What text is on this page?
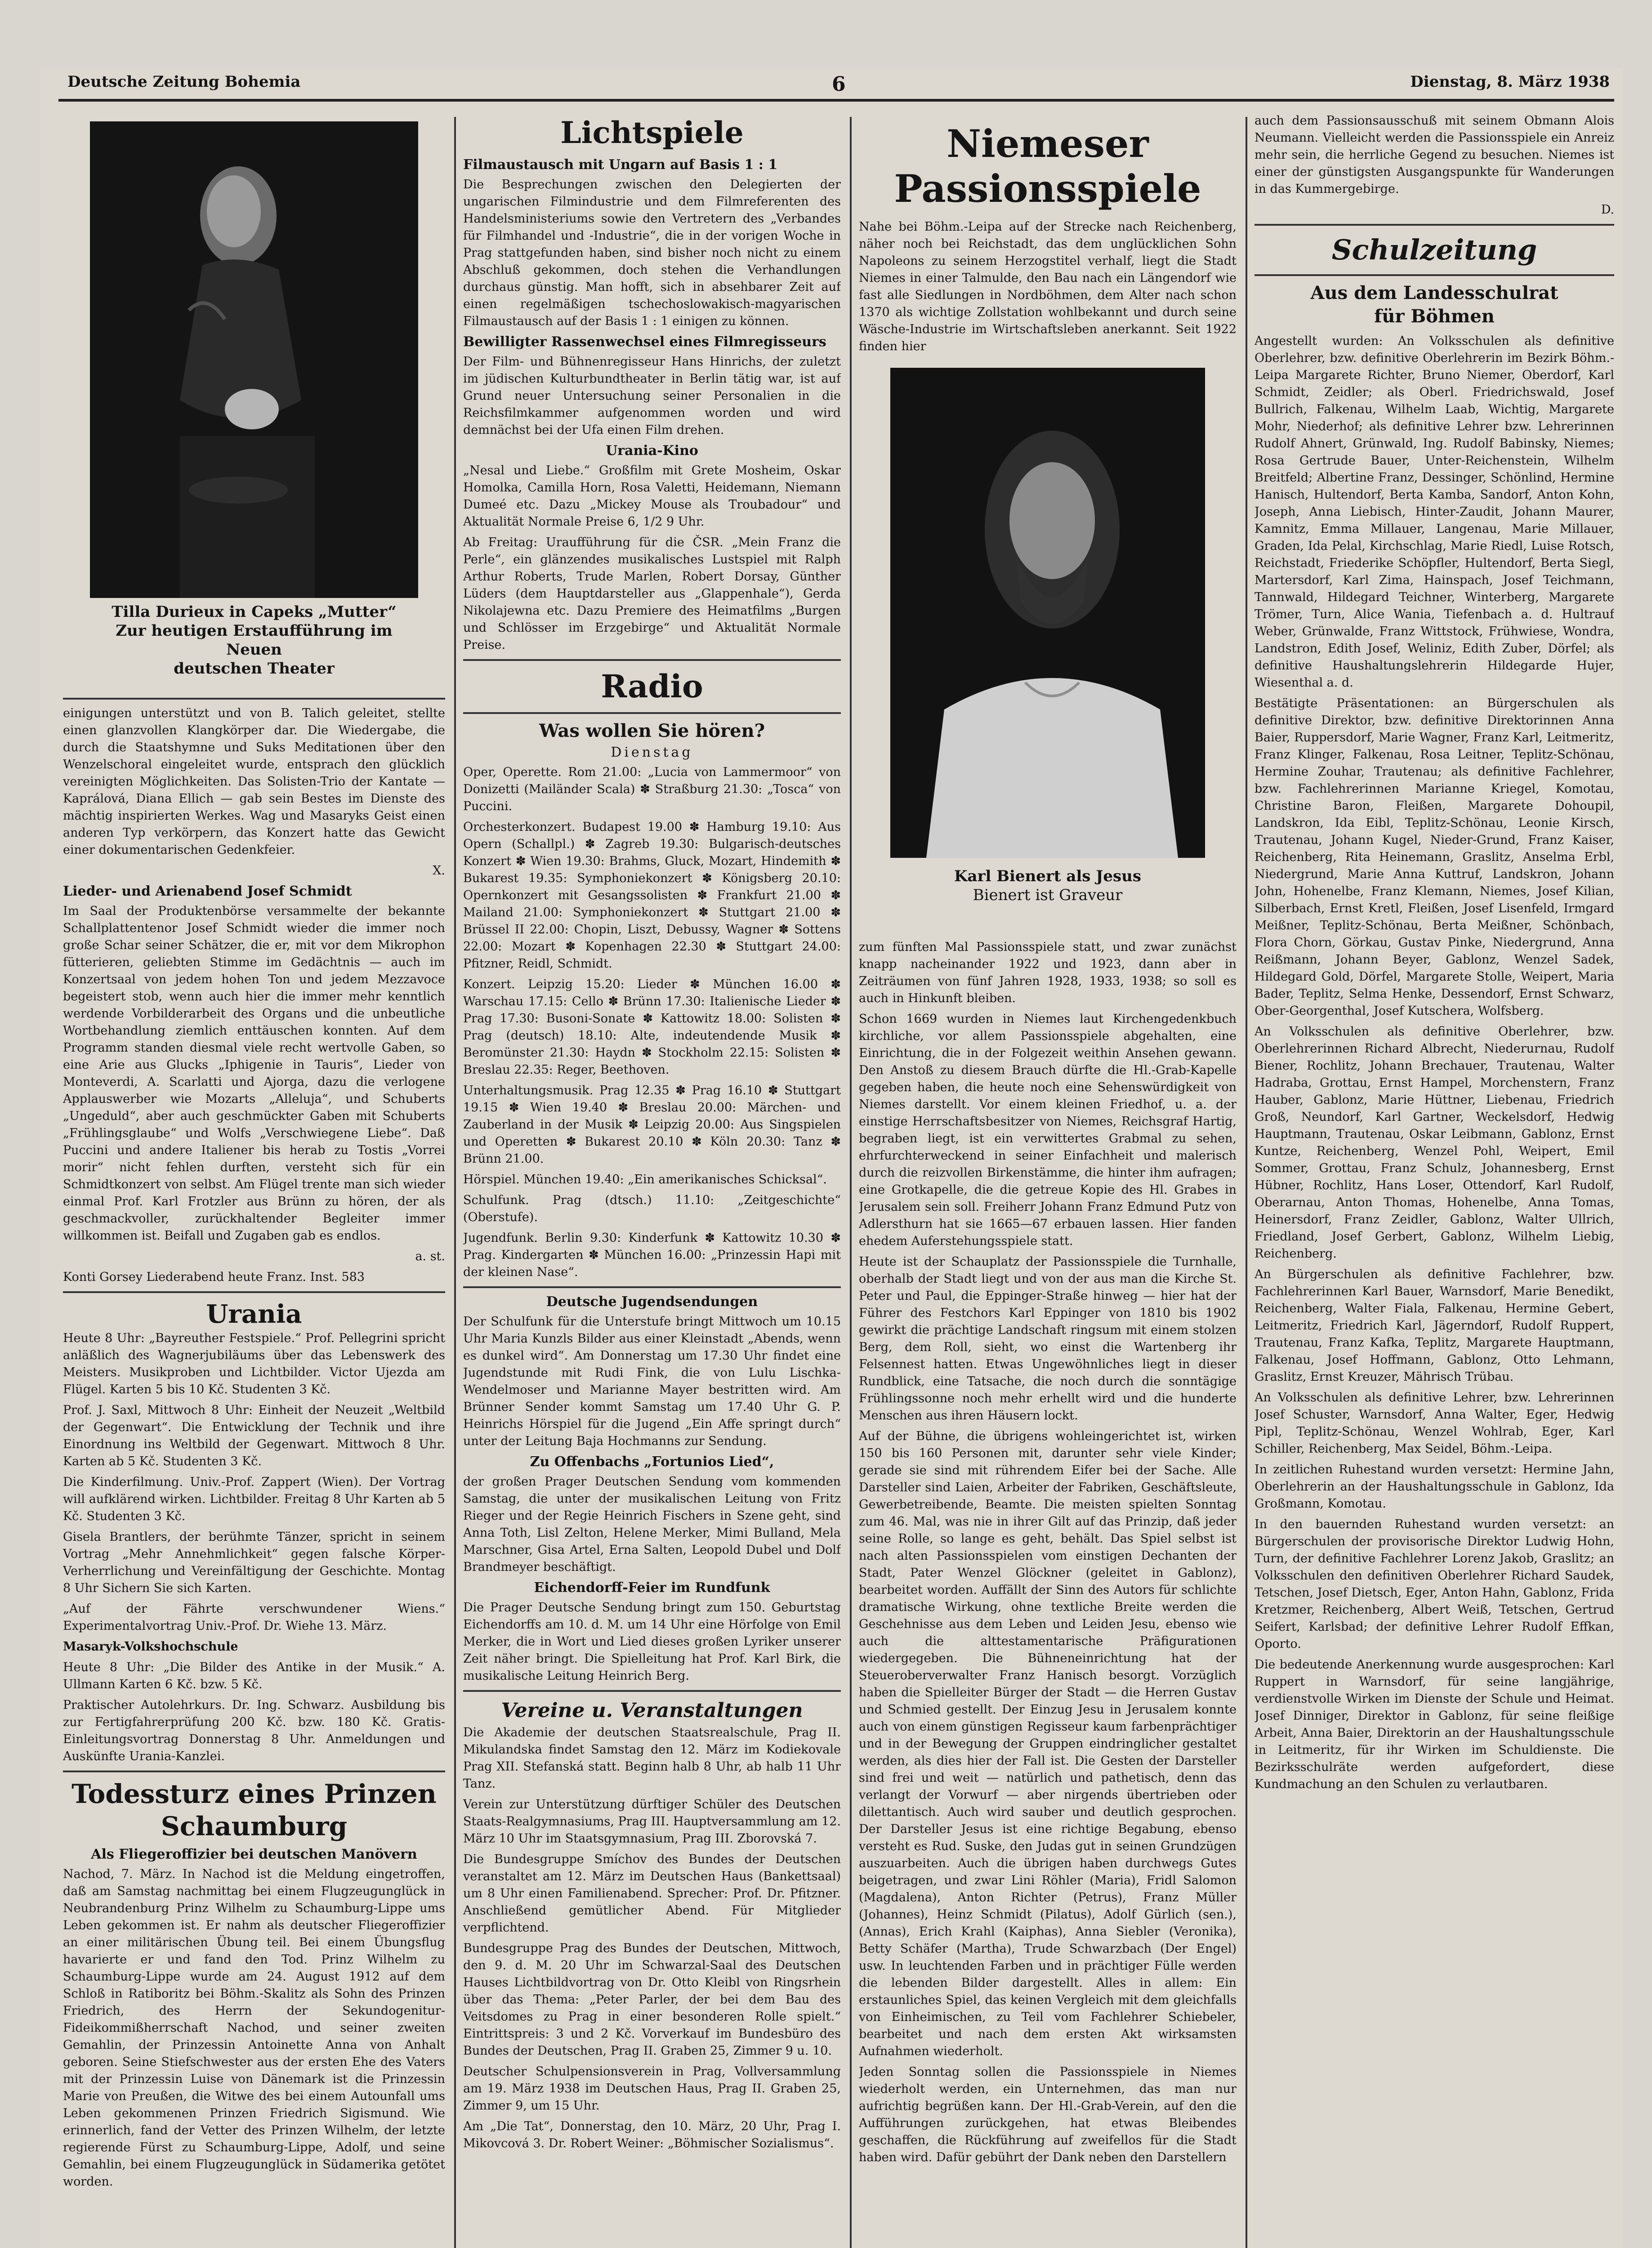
Deutsche Zeitung Bohemia	6	Dienstag, 8. März 1938
Tilla Durieux in Capeks „Mutter“
Zur heutigen Erstaufführung im Neuen
deutschen Theater

einigungen unterstützt und von B. Talich geleitet, stellte einen glanzvollen Klangkörper dar. Die Wiedergabe, die durch die Staatshymne und Suks Meditationen über den Wenzelschoral eingeleitet wurde, entsprach den glücklich vereinigten Möglichkeiten. Das Solisten-Trio der Kantate — Kaprálová, Diana Ellich — gab sein Bestes im Dienste des mächtig inspirierten Werkes. Wag und Masaryks Geist einen anderen Typ verkörpern, das Konzert hatte das Gewicht einer dokumentarischen Gedenkfeier.

X.

Lieder- und Arienabend Josef Schmidt

Im Saal der Produktenbörse versammelte der bekannte Schallplattentenor Josef Schmidt wieder die immer noch große Schar seiner Schätzer, die er, mit vor dem Mikrophon fütterieren, geliebten Stimme im Gedächtnis — auch im Konzertsaal von jedem hohen Ton und jedem Mezzavoce begeistert stob, wenn auch hier die immer mehr kenntlich werdende Vorbilderarbeit des Organs und die unbeutliche Wortbehandlung ziemlich enttäuschen konnten. Auf dem Programm standen diesmal viele recht wertvolle Gaben, so eine Arie aus Glucks „Iphigenie in Tauris“, Lieder von Monteverdi, A. Scarlatti und Ajorga, dazu die verlogene Applauswerber wie Mozarts „Alleluja“, und Schuberts „Ungeduld“, aber auch geschmückter Gaben mit Schuberts „Frühlingsglaube“ und Wolfs „Verschwiegene Liebe“. Daß Puccini und andere Italiener bis herab zu Tostis „Vorrei morir“ nicht fehlen durften, versteht sich für ein Schmidtkonzert von selbst. Am Flügel trente man sich wieder einmal Prof. Karl Frotzler aus Brünn zu hören, der als geschmackvoller, zurückhaltender Begleiter immer willkommen ist. Beifall und Zugaben gab es endlos.

a. st.

Konti Gorsey Liederabend heute Franz. Inst. 583

Urania

Heute 8 Uhr: „Bayreuther Festspiele.“ Prof. Pellegrini spricht anläßlich des Wagnerjubiläums über das Lebenswerk des Meisters. Musikproben und Lichtbilder. Victor Ujezda am Flügel. Karten 5 bis 10 Kč. Studenten 3 Kč.

Prof. J. Saxl, Mittwoch 8 Uhr: Einheit der Neuzeit „Weltbild der Gegenwart“. Die Entwicklung der Technik und ihre Einordnung ins Weltbild der Gegenwart. Mittwoch 8 Uhr. Karten ab 5 Kč. Studenten 3 Kč.

Die Kinderfilmung. Univ.-Prof. Zappert (Wien). Der Vortrag will aufklärend wirken. Lichtbilder. Freitag 8 Uhr Karten ab 5 Kč. Studenten 3 Kč.

Gisela Brantlers, der berühmte Tänzer, spricht in seinem Vortrag „Mehr Annehmlichkeit“ gegen falsche Körper-Verherrlichung und Vereinfältigung der Geschichte. Montag 8 Uhr Sichern Sie sich Karten.

„Auf der Fährte verschwundener Wiens.“ Experimentalvortrag Univ.-Prof. Dr. Wiehe 13. März.

Masaryk-Volkshochschule

Heute 8 Uhr: „Die Bilder des Antike in der Musik.“ A. Ullmann Karten 6 Kč. bzw. 5 Kč.

Praktischer Autolehrkurs. Dr. Ing. Schwarz. Ausbildung bis zur Fertigfahrerprüfung 200 Kč. bzw. 180 Kč. Gratis-Einleitungsvortrag Donnerstag 8 Uhr. Anmeldungen und Auskünfte Urania-Kanzlei.

Todessturz eines Prinzen
Schaumburg
Als Fliegeroffizier bei deutschen Manövern

Nachod, 7. März. In Nachod ist die Meldung eingetroffen, daß am Samstag nachmittag bei einem Flugzeugunglück in Neubrandenburg Prinz Wilhelm zu Schaumburg-Lippe ums Leben gekommen ist. Er nahm als deutscher Fliegeroffizier an einer militärischen Übung teil. Bei einem Übungsflug havarierte er und fand den Tod. Prinz Wilhelm zu Schaumburg-Lippe wurde am 24. August 1912 auf dem Schloß in Ratiboritz bei Böhm.-Skalitz als Sohn des Prinzen Friedrich, des Herrn der Sekundogenitur-Fideikommißherrschaft Nachod, und seiner zweiten Gemahlin, der Prinzessin Antoinette Anna von Anhalt geboren. Seine Stiefschwester aus der ersten Ehe des Vaters mit der Prinzessin Luise von Dänemark ist die Prinzessin Marie von Preußen, die Witwe des bei einem Autounfall ums Leben gekommenen Prinzen Friedrich Sigismund. Wie erinnerlich, fand der Vetter des Prinzen Wilhelm, der letzte regierende Fürst zu Schaumburg-Lippe, Adolf, und seine Gemahlin, bei einem Flugzeugunglück in Südamerika getötet worden.

Lichtspiele
Filmaustausch mit Ungarn auf Basis 1 : 1

Die Besprechungen zwischen den Delegierten der ungarischen Filmindustrie und dem Filmreferenten des Handelsministeriums sowie den Vertretern des „Verbandes für Filmhandel und -Industrie“, die in der vorigen Woche in Prag stattgefunden haben, sind bisher noch nicht zu einem Abschluß gekommen, doch stehen die Verhandlungen durchaus günstig. Man hofft, sich in absehbarer Zeit auf einen regelmäßigen tschechoslowakisch-magyarischen Filmaustausch auf der Basis 1 : 1 einigen zu können.

Bewilligter Rassenwechsel eines Filmregisseurs

Der Film- und Bühnenregisseur Hans Hinrichs, der zuletzt im jüdischen Kulturbundtheater in Berlin tätig war, ist auf Grund neuer Untersuchung seiner Personalien in die Reichsfilmkammer aufgenommen worden und wird demnächst bei der Ufa einen Film drehen.

Urania-Kino

„Nesal und Liebe.“ Großfilm mit Grete Mosheim, Oskar Homolka, Camilla Horn, Rosa Valetti, Heidemann, Niemann Dumeé etc. Dazu „Mickey Mouse als Troubadour“ und Aktualität Normale Preise 6, 1/2 9 Uhr.

Ab Freitag: Uraufführung für die ČSR. „Mein Franz die Perle“, ein glänzendes musikalisches Lustspiel mit Ralph Arthur Roberts, Trude Marlen, Robert Dorsay, Günther Lüders (dem Hauptdarsteller aus „Glappenhale“), Gerda Nikolajewna etc. Dazu Premiere des Heimatfilms „Burgen und Schlösser im Erzgebirge“ und Aktualität Normale Preise.

Radio
Was wollen Sie hören?
Dienstag

Oper, Operette. Rom 21.00: „Lucia von Lammermoor“ von Donizetti (Mailänder Scala) ✽ Straßburg 21.30: „Tosca“ von Puccini.

Orchesterkonzert. Budapest 19.00 ✽ Hamburg 19.10: Aus Opern (Schallpl.) ✽ Zagreb 19.30: Bulgarisch-deutsches Konzert ✽ Wien 19.30: Brahms, Gluck, Mozart, Hindemith ✽ Bukarest 19.35: Symphoniekonzert ✽ Königsberg 20.10: Opernkonzert mit Gesangssolisten ✽ Frankfurt 21.00 ✽ Mailand 21.00: Symphoniekonzert ✽ Stuttgart 21.00 ✽ Brüssel II 22.00: Chopin, Liszt, Debussy, Wagner ✽ Sottens 22.00: Mozart ✽ Kopenhagen 22.30 ✽ Stuttgart 24.00: Pfitzner, Reidl, Schmidt.

Konzert. Leipzig 15.20: Lieder ✽ München 16.00 ✽ Warschau 17.15: Cello ✽ Brünn 17.30: Italienische Lieder ✽ Prag 17.30: Busoni-Sonate ✽ Kattowitz 18.00: Solisten ✽ Prag (deutsch) 18.10: Alte, indeutendende Musik ✽ Beromünster 21.30: Haydn ✽ Stockholm 22.15: Solisten ✽ Breslau 22.35: Reger, Beethoven.

Unterhaltungsmusik. Prag 12.35 ✽ Prag 16.10 ✽ Stuttgart 19.15 ✽ Wien 19.40 ✽ Breslau 20.00: Märchen- und Zauberland in der Musik ✽ Leipzig 20.00: Aus Singspielen und Operetten ✽ Bukarest 20.10 ✽ Köln 20.30: Tanz ✽ Brünn 21.00.

Hörspiel. München 19.40: „Ein amerikanisches Schicksal“.

Schulfunk. Prag (dtsch.) 11.10: „Zeitgeschichte“ (Oberstufe).

Jugendfunk. Berlin 9.30: Kinderfunk ✽ Kattowitz 10.30 ✽ Prag. Kindergarten ✽ München 16.00: „Prinzessin Hapi mit der kleinen Nase“.

Deutsche Jugendsendungen

Der Schulfunk für die Unterstufe bringt Mittwoch um 10.15 Uhr Maria Kunzls Bilder aus einer Kleinstadt „Abends, wenn es dunkel wird“. Am Donnerstag um 17.30 Uhr findet eine Jugendstunde mit Rudi Fink, die von Lulu Lischka-Wendelmoser und Marianne Mayer bestritten wird. Am Brünner Sender kommt Samstag um 17.40 Uhr G. P. Heinrichs Hörspiel für die Jugend „Ein Affe springt durch“ unter der Leitung Baja Hochmanns zur Sendung.

Zu Offenbachs „Fortunios Lied“,

der großen Prager Deutschen Sendung vom kommenden Samstag, die unter der musikalischen Leitung von Fritz Rieger und der Regie Heinrich Fischers in Szene geht, sind Anna Toth, Lisl Zelton, Helene Merker, Mimi Bulland, Mela Marschner, Gisa Artel, Erna Salten, Leopold Dubel und Dolf Brandmeyer beschäftigt.

Eichendorff-Feier im Rundfunk

Die Prager Deutsche Sendung bringt zum 150. Geburtstag Eichendorffs am 10. d. M. um 14 Uhr eine Hörfolge von Emil Merker, die in Wort und Lied dieses großen Lyriker unserer Zeit näher bringt. Die Spielleitung hat Prof. Karl Birk, die musikalische Leitung Heinrich Berg.

Vereine u. Veranstaltungen

Die Akademie der deutschen Staatsrealschule, Prag II. Mikulandska findet Samstag den 12. März im Kodiekovale Prag XII. Stefanská statt. Beginn halb 8 Uhr, ab halb 11 Uhr Tanz.

Verein zur Unterstützung dürftiger Schüler des Deutschen Staats-Realgymnasiums, Prag III. Hauptversammlung am 12. März 10 Uhr im Staatsgymnasium, Prag III. Zborovská 7.

Die Bundesgruppe Smíchov des Bundes der Deutschen veranstaltet am 12. März im Deutschen Haus (Bankettsaal) um 8 Uhr einen Familienabend. Sprecher: Prof. Dr. Pfitzner. Anschließend gemütlicher Abend. Für Mitglieder verpflichtend.

Bundesgruppe Prag des Bundes der Deutschen, Mittwoch, den 9. d. M. 20 Uhr im Schwarzal-Saal des Deutschen Hauses Lichtbildvortrag von Dr. Otto Kleibl von Ringsrhein über das Thema: „Peter Parler, der bei dem Bau des Veitsdomes zu Prag in einer besonderen Rolle spielt.“ Eintrittspreis: 3 und 2 Kč. Vorverkauf im Bundesbüro des Bundes der Deutschen, Prag II. Graben 25, Zimmer 9 u. 10.

Deutscher Schulpensionsverein in Prag, Vollversammlung am 19. März 1938 im Deutschen Haus, Prag II. Graben 25, Zimmer 9, um 15 Uhr.

Am „Die Tat“, Donnerstag, den 10. März, 20 Uhr, Prag I. Mikovcová 3. Dr. Robert Weiner: „Böhmischer Sozialismus“.

Niemeser
Passionsspiele

Nahe bei Böhm.-Leipa auf der Strecke nach Reichenberg, näher noch bei Reichstadt, das dem unglücklichen Sohn Napoleons zu seinem Herzogstitel verhalf, liegt die Stadt Niemes in einer Talmulde, den Bau nach ein Längendorf wie fast alle Siedlungen in Nordböhmen, dem Alter nach schon 1370 als wichtige Zollstation wohlbekannt und durch seine Wäsche-Industrie im Wirtschaftsleben anerkannt. Seit 1922 finden hier

Karl Bienert als Jesus
Bienert ist Graveur

zum fünften Mal Passionsspiele statt, und zwar zunächst knapp nacheinander 1922 und 1923, dann aber in Zeiträumen von fünf Jahren 1928, 1933, 1938; so soll es auch in Hinkunft bleiben.

Schon 1669 wurden in Niemes laut Kirchengedenkbuch kirchliche, vor allem Passionsspiele abgehalten, eine Einrichtung, die in der Folgezeit weithin Ansehen gewann. Den Anstoß zu diesem Brauch dürfte die Hl.-Grab-Kapelle gegeben haben, die heute noch eine Sehenswürdigkeit von Niemes darstellt. Vor einem kleinen Friedhof, u. a. der einstige Herrschaftsbesitzer von Niemes, Reichsgraf Hartig, begraben liegt, ist ein verwittertes Grabmal zu sehen, ehrfurchterweckend in seiner Einfachheit und malerisch durch die reizvollen Birkenstämme, die hinter ihm aufragen; eine Grotkapelle, die die getreue Kopie des Hl. Grabes in Jerusalem sein soll. Freiherr Johann Franz Edmund Putz von Adlersthurn hat sie 1665—67 erbauen lassen. Hier fanden ehedem Auferstehungsspiele statt.

Heute ist der Schauplatz der Passionsspiele die Turnhalle, oberhalb der Stadt liegt und von der aus man die Kirche St. Peter und Paul, die Eppinger-Straße hinweg — hier hat der Führer des Festchors Karl Eppinger von 1810 bis 1902 gewirkt die prächtige Landschaft ringsum mit einem stolzen Berg, dem Roll, sieht, wo einst die Wartenberg ihr Felsennest hatten. Etwas Ungewöhnliches liegt in dieser Rundblick, eine Tatsache, die noch durch die sonntägige Frühlingssonne noch mehr erhellt wird und die hunderte Menschen aus ihren Häusern lockt.

Auf der Bühne, die übrigens wohleingerichtet ist, wirken 150 bis 160 Personen mit, darunter sehr viele Kinder; gerade sie sind mit rührendem Eifer bei der Sache. Alle Darsteller sind Laien, Arbeiter der Fabriken, Geschäftsleute, Gewerbetreibende, Beamte. Die meisten spielten Sonntag zum 46. Mal, was nie in ihrer Gilt auf das Prinzip, daß jeder seine Rolle, so lange es geht, behält. Das Spiel selbst ist nach alten Passionsspielen vom einstigen Dechanten der Stadt, Pater Wenzel Glöckner (geleitet in Gablonz), bearbeitet worden. Auffällt der Sinn des Autors für schlichte dramatische Wirkung, ohne textliche Breite werden die Geschehnisse aus dem Leben und Leiden Jesu, ebenso wie auch die alttestamentarische Präfigurationen wiedergegeben. Die Bühneneinrichtung hat der Steueroberverwalter Franz Hanisch besorgt. Vorzüglich haben die Spielleiter Bürger der Stadt — die Herren Gustav und Schmied gestellt. Der Einzug Jesu in Jerusalem konnte auch von einem günstigen Regisseur kaum farbenprächtiger und in der Bewegung der Gruppen eindringlicher gestaltet werden, als dies hier der Fall ist. Die Gesten der Darsteller sind frei und weit — natürlich und pathetisch, denn das verlangt der Vorwurf — aber nirgends übertrieben oder dilettantisch. Auch wird sauber und deutlich gesprochen. Der Darsteller Jesus ist eine richtige Begabung, ebenso versteht es Rud. Suske, den Judas gut in seinen Grundzügen auszuarbeiten. Auch die übrigen haben durchwegs Gutes beigetragen, und zwar Lini Röhler (Maria), Fridl Salomon (Magdalena), Anton Richter (Petrus), Franz Müller (Johannes), Heinz Schmidt (Pilatus), Adolf Gürlich (sen.), (Annas), Erich Krahl (Kaiphas), Anna Siebler (Veronika), Betty Schäfer (Martha), Trude Schwarzbach (Der Engel) usw. In leuchtenden Farben und in prächtiger Fülle werden die lebenden Bilder dargestellt. Alles in allem: Ein erstaunliches Spiel, das keinen Vergleich mit dem gleichfalls von Einheimischen, zu Teil vom Fachlehrer Schiebeler, bearbeitet und nach dem ersten Akt wirksamsten Aufnahmen wiederholt.

Jeden Sonntag sollen die Passionsspiele in Niemes wiederholt werden, ein Unternehmen, das man nur aufrichtig begrüßen kann. Der Hl.-Grab-Verein, auf den die Aufführungen zurückgehen, hat etwas Bleibendes geschaffen, die Rückführung auf zweifellos für die Stadt haben wird. Dafür gebührt der Dank neben den Darstellern

auch dem Passionsausschuß mit seinem Obmann Alois Neumann. Vielleicht werden die Passionsspiele ein Anreiz mehr sein, die herrliche Gegend zu besuchen. Niemes ist einer der günstigsten Ausgangspunkte für Wanderungen in das Kummergebirge.

D.

Schulzeitung
Aus dem Landesschulrat
für Böhmen

Angestellt wurden: An Volksschulen als definitive Oberlehrer, bzw. definitive Oberlehrerin im Bezirk Böhm.-Leipa Margarete Richter, Bruno Niemer, Oberdorf, Karl Schmidt, Zeidler; als Oberl. Friedrichswald, Josef Bullrich, Falkenau, Wilhelm Laab, Wichtig, Margarete Mohr, Niederhof; als definitive Lehrer bzw. Lehrerinnen Rudolf Ahnert, Grünwald, Ing. Rudolf Babinsky, Niemes; Rosa Gertrude Bauer, Unter-Reichenstein, Wilhelm Breitfeld; Albertine Franz, Dessinger, Schönlind, Hermine Hanisch, Hultendorf, Berta Kamba, Sandorf, Anton Kohn, Joseph, Anna Liebisch, Hinter-Zaudit, Johann Maurer, Kamnitz, Emma Millauer, Langenau, Marie Millauer, Graden, Ida Pelal, Kirchschlag, Marie Riedl, Luise Rotsch, Reichstadt, Friederike Schöpfler, Hultendorf, Berta Siegl, Martersdorf, Karl Zima, Hainspach, Josef Teichmann, Tannwald, Hildegard Teichner, Winterberg, Margarete Trömer, Turn, Alice Wania, Tiefenbach a. d. Hultrauf Weber, Grünwalde, Franz Wittstock, Frühwiese, Wondra, Landstron, Edith Josef, Weliniz, Edith Zuber, Dörfel; als definitive Haushaltungslehrerin Hildegarde Hujer, Wiesenthal a. d.

Bestätigte Präsentationen: an Bürgerschulen als definitive Direktor, bzw. definitive Direktorinnen Anna Baier, Ruppersdorf, Marie Wagner, Franz Karl, Leitmeritz, Franz Klinger, Falkenau, Rosa Leitner, Teplitz-Schönau, Hermine Zouhar, Trautenau; als definitive Fachlehrer, bzw. Fachlehrerinnen Marianne Kriegel, Komotau, Christine Baron, Fleißen, Margarete Dohoupil, Landskron, Ida Eibl, Teplitz-Schönau, Leonie Kirsch, Trautenau, Johann Kugel, Nieder-Grund, Franz Kaiser, Reichenberg, Rita Heinemann, Graslitz, Anselma Erbl, Niedergrund, Marie Anna Kuttruf, Landskron, Johann John, Hohenelbe, Franz Klemann, Niemes, Josef Kilian, Silberbach, Ernst Kretl, Fleißen, Josef Lisenfeld, Irmgard Meißner, Teplitz-Schönau, Berta Meißner, Schönbach, Flora Chorn, Görkau, Gustav Pinke, Niedergrund, Anna Reißmann, Johann Beyer, Gablonz, Wenzel Sadek, Hildegard Gold, Dörfel, Margarete Stolle, Weipert, Maria Bader, Teplitz, Selma Henke, Dessendorf, Ernst Schwarz, Ober-Georgenthal, Josef Kutschera, Wolfsberg.

An Volksschulen als definitive Oberlehrer, bzw. Oberlehrerinnen Richard Albrecht, Niederurnau, Rudolf Biener, Rochlitz, Johann Brechauer, Trautenau, Walter Hadraba, Grottau, Ernst Hampel, Morchenstern, Franz Hauber, Gablonz, Marie Hüttner, Liebenau, Friedrich Groß, Neundorf, Karl Gartner, Weckelsdorf, Hedwig Hauptmann, Trautenau, Oskar Leibmann, Gablonz, Ernst Kuntze, Reichenberg, Wenzel Pohl, Weipert, Emil Sommer, Grottau, Franz Schulz, Johannesberg, Ernst Hübner, Rochlitz, Hans Loser, Ottendorf, Karl Rudolf, Oberarnau, Anton Thomas, Hohenelbe, Anna Tomas, Heinersdorf, Franz Zeidler, Gablonz, Walter Ullrich, Friedland, Josef Gerbert, Gablonz, Wilhelm Liebig, Reichenberg.

An Bürgerschulen als definitive Fachlehrer, bzw. Fachlehrerinnen Karl Bauer, Warnsdorf, Marie Benedikt, Reichenberg, Walter Fiala, Falkenau, Hermine Gebert, Leitmeritz, Friedrich Karl, Jägerndorf, Rudolf Ruppert, Trautenau, Franz Kafka, Teplitz, Margarete Hauptmann, Falkenau, Josef Hoffmann, Gablonz, Otto Lehmann, Graslitz, Ernst Kreuzer, Mährisch Trübau.

An Volksschulen als definitive Lehrer, bzw. Lehrerinnen Josef Schuster, Warnsdorf, Anna Walter, Eger, Hedwig Pipl, Teplitz-Schönau, Wenzel Wohlrab, Eger, Karl Schiller, Reichenberg, Max Seidel, Böhm.-Leipa.

In zeitlichen Ruhestand wurden versetzt: Hermine Jahn, Oberlehrerin an der Haushaltungsschule in Gablonz, Ida Großmann, Komotau.

In den bauernden Ruhestand wurden versetzt: an Bürgerschulen der provisorische Direktor Ludwig Hohn, Turn, der definitive Fachlehrer Lorenz Jakob, Graslitz; an Volksschulen den definitiven Oberlehrer Richard Saudek, Tetschen, Josef Dietsch, Eger, Anton Hahn, Gablonz, Frida Kretzmer, Reichenberg, Albert Weiß, Tetschen, Gertrud Seifert, Karlsbad; der definitive Lehrer Rudolf Effkan, Oporto.

Die bedeutende Anerkennung wurde ausgesprochen: Karl Ruppert in Warnsdorf, für seine langjährige, verdienstvolle Wirken im Dienste der Schule und Heimat. Josef Dinniger, Direktor in Gablonz, für seine fleißige Arbeit, Anna Baier, Direktorin an der Haushaltungsschule in Leitmeritz, für ihr Wirken im Schuldienste. Die Bezirksschulräte werden aufgefordert, diese Kundmachung an den Schulen zu verlautbaren.
